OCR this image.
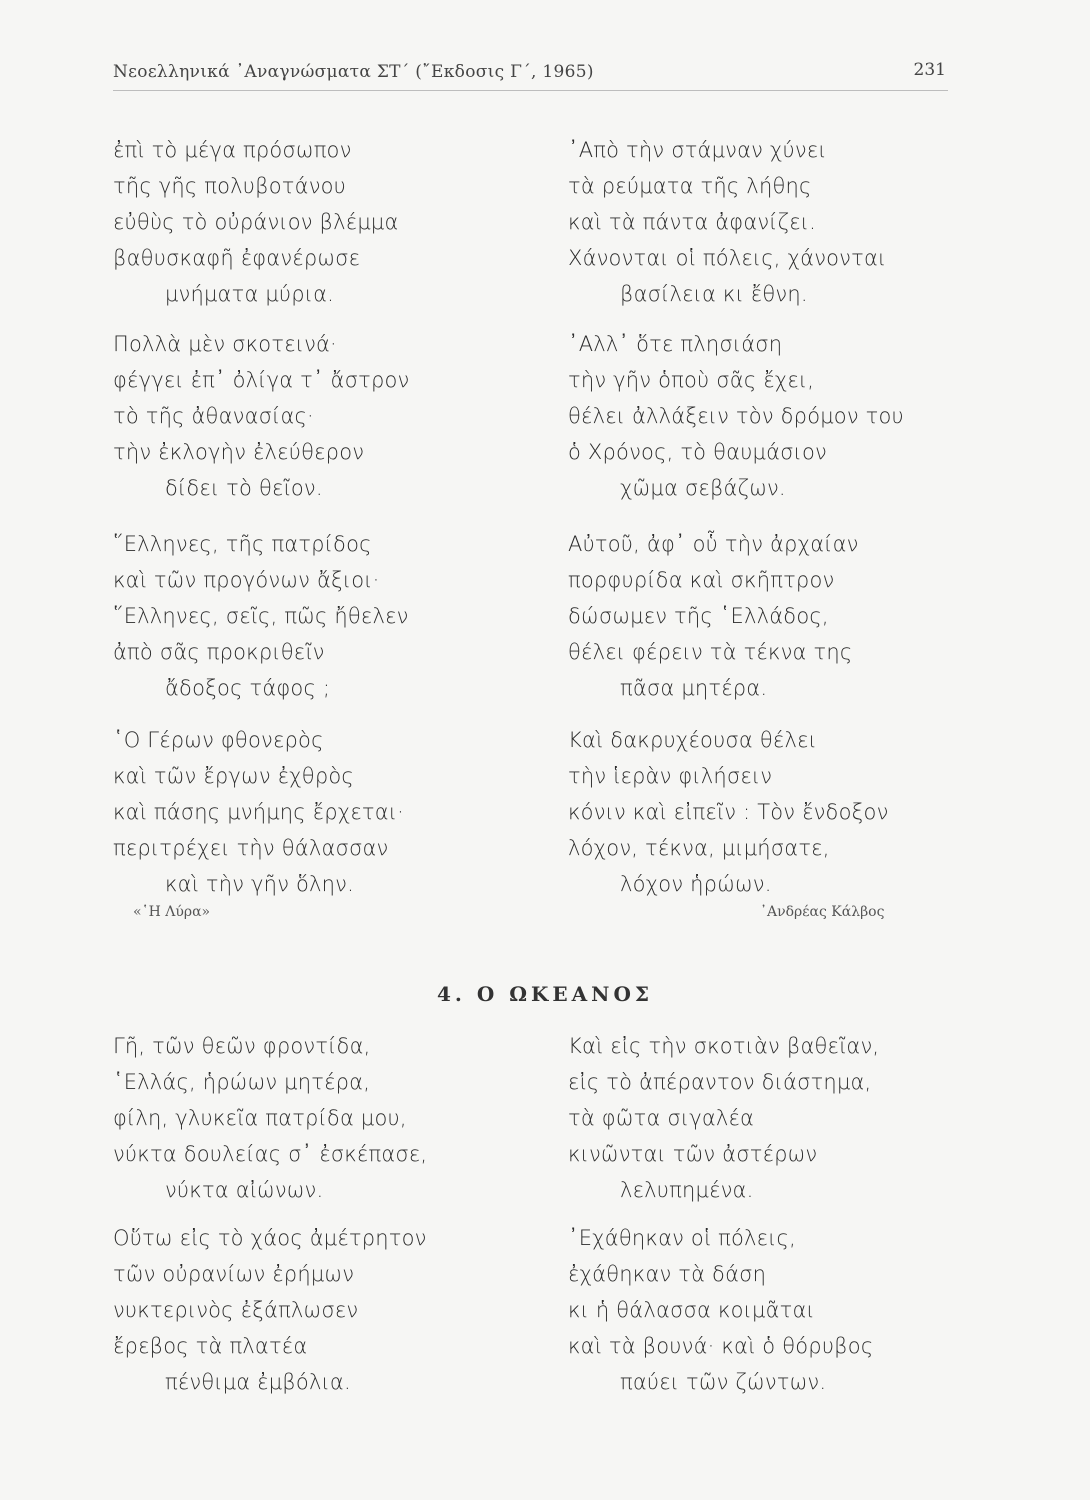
Νεοελληνικά ᾿Αναγνώσματα ΣΤ΄ (῎Εκδοσις Γ΄, 1965)	231
ἐπὶ τὸ μέγα πρόσωπον
τῆς γῆς πολυβοτάνου
εὐθὺς τὸ οὐράνιον βλέμμα
βαθυσκαφῆ ἐφανέρωσε
μνήματα μύρια.
Πολλὰ μὲν σκοτεινά·
φέγγει ἐπ᾿ ὀλίγα τ᾿ ἄστρον
τὸ τῆς ἀθανασίας·
τὴν ἐκλογὴν ἐλεύθερον
δίδει τὸ θεῖον.
῞Ελληνες, τῆς πατρίδος
καὶ τῶν προγόνων ἄξιοι·
῞Ελληνες, σεῖς, πῶς ἤθελεν
ἀπὸ σᾶς προκριθεῖν
ἄδοξος τάφος ;
῾Ο Γέρων φθονερὸς
καὶ τῶν ἔργων ἐχθρὸς
καὶ πάσης μνήμης ἔρχεται·
περιτρέχει τὴν θάλασσαν
καὶ τὴν γῆν ὅλην.
«῾Η Λύρα»
᾿Απὸ τὴν στάμναν χύνει
τὰ ρεύματα τῆς λήθης
καὶ τὰ πάντα ἀφανίζει.
Χάνονται οἱ πόλεις, χάνονται
βασίλεια κι ἔθνη.
᾿Αλλ᾿ ὅτε πλησιάση
τὴν γῆν ὁποὺ σᾶς ἔχει,
θέλει ἀλλάξειν τὸν δρόμον του
ὁ Χρόνος, τὸ θαυμάσιον
χῶμα σεβάζων.
Αὐτοῦ, ἀφ᾿ οὗ τὴν ἀρχαίαν
πορφυρίδα καὶ σκῆπτρον
δώσωμεν τῆς ῾Ελλάδος,
θέλει φέρειν τὰ τέκνα της
πᾶσα μητέρα.
Καὶ δακρυχέουσα θέλει
τὴν ἱερὰν φιλήσειν
κόνιν καὶ εἰπεῖν : Τὸν ἔνδοξον
λόχον, τέκνα, μιμήσατε,
λόχον ἡρώων.
᾿Ανδρέας Κάλβος
4. Ο ΩΚΕΑΝΟΣ
Γῆ, τῶν θεῶν φροντίδα,
῾Ελλάς, ἡρώων μητέρα,
φίλη, γλυκεῖα πατρίδα μου,
νύκτα δουλείας σ᾿ ἐσκέπασε,
νύκτα αἰώνων.
Οὕτω εἰς τὸ χάος ἀμέτρητον
τῶν οὐρανίων ἐρήμων
νυκτερινὸς ἐξάπλωσεν
ἔρεβος τὰ πλατέα
πένθιμα ἐμβόλια.
Καὶ εἰς τὴν σκοτιὰν βαθεῖαν,
εἰς τὸ ἀπέραντον διάστημα,
τὰ φῶτα σιγαλέα
κινῶνται τῶν ἀστέρων
λελυπημένα.
᾿Εχάθηκαν οἱ πόλεις,
ἐχάθηκαν τὰ δάση
κι ἡ θάλασσα κοιμᾶται
καὶ τὰ βουνά· καὶ ὁ θόρυβος
παύει τῶν ζώντων.
